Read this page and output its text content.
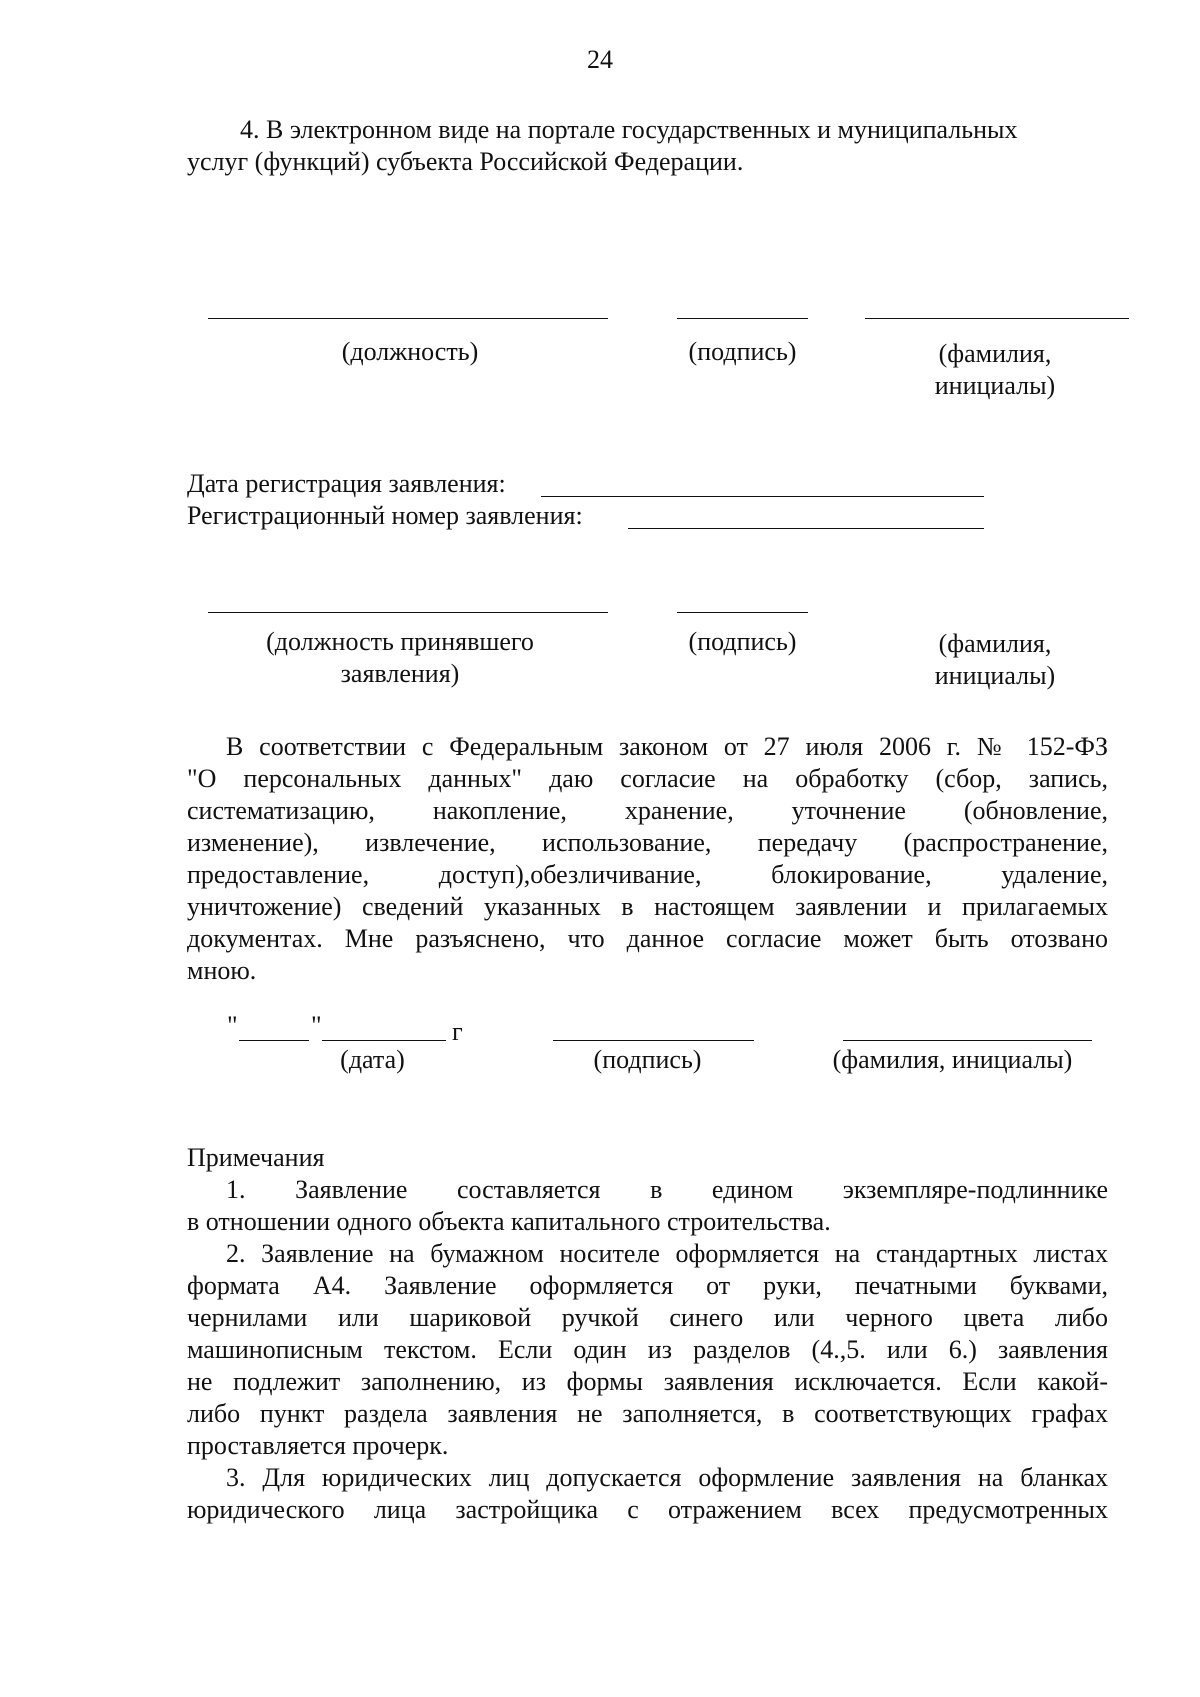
24
4. В электронном виде на портале государственных и муниципальных
услуг (функций) субъекта Российской Федерации.
(должность)	(подпись)	(фамилия,
инициалы)
Дата регистрация заявления:
Регистрационный номер заявления:
(должность принявшего
заявления)
(подпись)	(фамилия,
инициалы)
В соответствии с Федеральным законом от 27 июля 2006 г. № 152-ФЗ
"О персональных данных" даю согласие на обработку (сбор, запись,
систематизацию, накопление, хранение, уточнение (обновление,
изменение), извлечение, использование, передачу (распространение,
предоставление, доступ),обезличивание, блокирование, удаление,
уничтожение) сведений указанных в настоящем заявлении и прилагаемых
документах. Мне разъяснено, что данное согласие может быть отозвано
мною.
"	"	г
(дата)	(подпись)	(фамилия, инициалы)
Примечания
1. Заявление составляется в едином экземпляре-подлиннике
в отношении одного объекта капитального строительства.
2. Заявление на бумажном носителе оформляется на стандартных листах
формата А4. Заявление оформляется от руки, печатными буквами,
чернилами или шариковой ручкой синего или черного цвета либо
машинописным текстом. Если один из разделов (4.,5. или 6.) заявления
не подлежит заполнению, из формы заявления исключается. Если какой-
либо пункт раздела заявления не заполняется, в соответствующих графах
проставляется прочерк.
3. Для юридических лиц допускается оформление заявления на бланках
юридического лица застройщика с отражением всех предусмотренных
